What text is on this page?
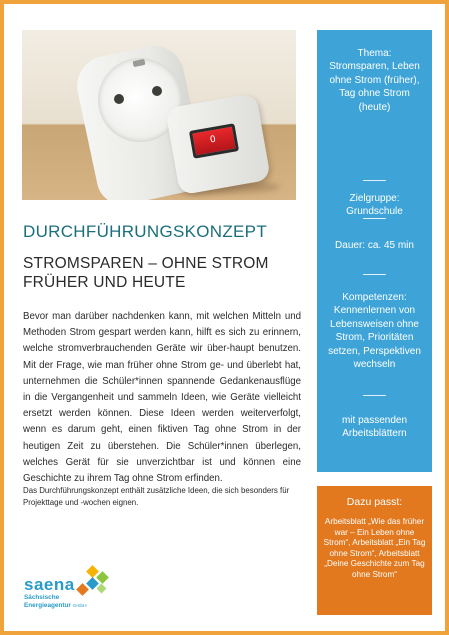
0
DURCHFÜHRUNGSKONZEPT
STROMSPAREN – OHNE STROM
FRÜHER UND HEUTE

Bevor man darüber nachdenken kann, mit welchen Mitteln und Methoden Strom gespart werden kann, hilft es sich zu erinnern, welche stromverbrauchenden Geräte wir über-haupt benutzen. Mit der Frage, wie man früher ohne Strom ge- und überlebt hat, unternehmen die Schüler*innen spannende Gedankenausflüge in die Vergangenheit und sammeln Ideen, wie Geräte vielleicht ersetzt werden können. Diese Ideen werden weiterverfolgt, wenn es darum geht, einen fiktiven Tag ohne Strom in der heutigen Zeit zu überstehen. Die Schüler*innen überlegen, welches Gerät für sie unverzichtbar ist und können eine Geschichte zu ihrem Tag ohne Strom erfinden.

Das Durchführungskonzept enthält zusätzliche Ideen, die sich besonders für Projekttage und -wochen eignen.

saena
Sächsische
Energieagentur GmbH
Thema:
Stromsparen, Leben ohne Strom (früher), Tag ohne Strom (heute)
Zielgruppe:
Grundschule
Dauer: ca. 45 min
Kompetenzen:
Kennenlernen von Lebensweisen ohne Strom, Prioritäten setzen, Perspektiven wechseln
mit passenden Arbeitsblättern
Dazu passt:
Arbeitsblatt „Wie das früher war – Ein Leben ohne Strom“, Arbeitsblatt „Ein Tag ohne Strom“, Arbeitsblatt „Deine Geschichte zum Tag ohne Strom“
